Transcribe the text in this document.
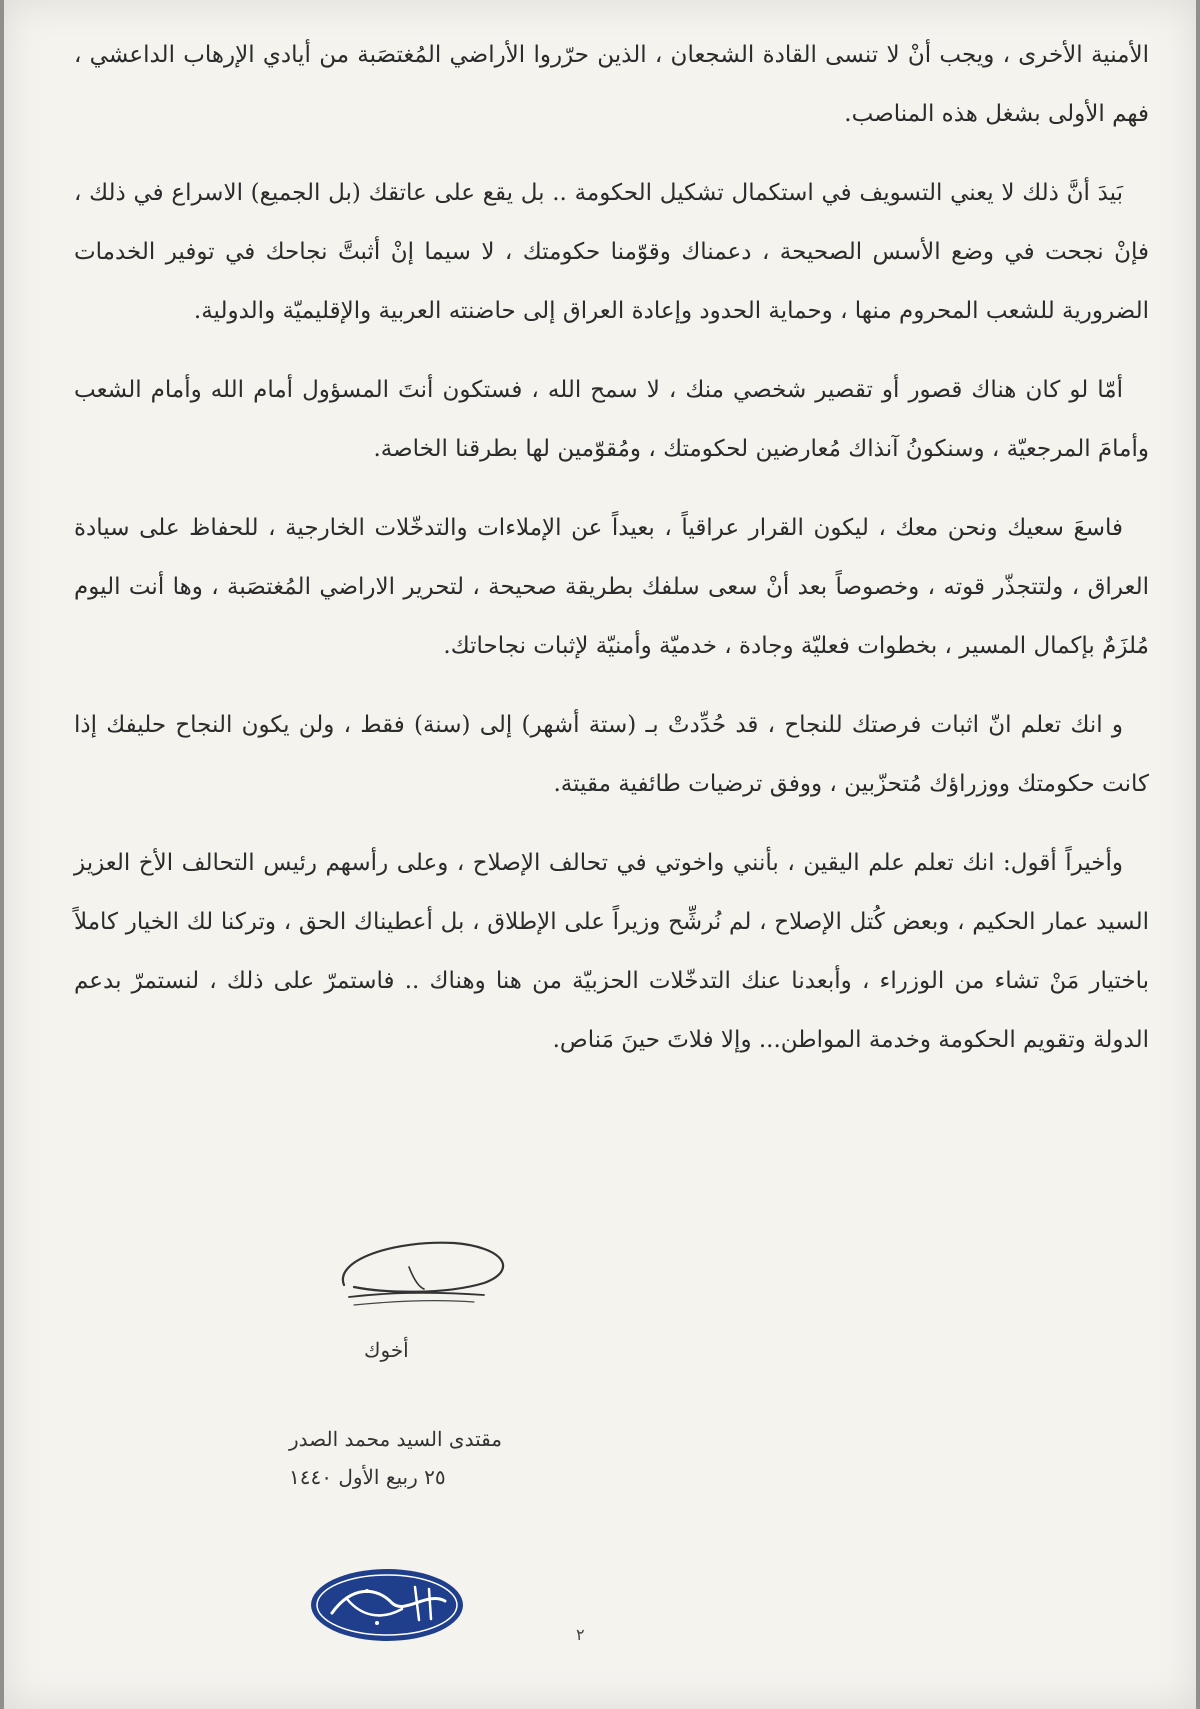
الأمنية الأخرى ، ويجب أنْ لا تنسى القادة الشجعان ، الذين حرّروا الأراضي المُغتصَبة من أيادي الإرهاب الداعشي ، فهم الأولى بشغل هذه المناصب.

بَيدَ أنَّ ذلك لا يعني التسويف في استكمال تشكيل الحكومة .. بل يقع على عاتقك (بل الجميع) الاسراع في ذلك ، فإنْ نجحت في وضع الأسس الصحيحة ، دعمناك وقوّمنا حكومتك ، لا سيما إنْ أثبتَّ نجاحك في توفير الخدمات الضرورية للشعب المحروم منها ، وحماية الحدود وإعادة العراق إلى حاضنته العربية والإقليميّة والدولية.

أمّا لو كان هناك قصور أو تقصير شخصي منك ، لا سمح الله ، فستكون أنتَ المسؤول أمام الله وأمام الشعب وأمامَ المرجعيّة ، وسنكونُ آنذاك مُعارضين لحكومتك ، ومُقوّمين لها بطرقنا الخاصة.

فاسعَ سعيك ونحن معك ، ليكون القرار عراقياً ، بعيداً عن الإملاءات والتدخّلات الخارجية ، للحفاظ على سيادة العراق ، ولتتجذّر قوته ، وخصوصاً بعد أنْ سعى سلفك بطريقة صحيحة ، لتحرير الاراضي المُغتصَبة ، وها أنت اليوم مُلزَمٌ بإكمال المسير ، بخطوات فعليّة وجادة ، خدميّة وأمنيّة لإثبات نجاحاتك.

و انك تعلم انّ اثبات فرصتك للنجاح ، قد حُدِّدتْ بـ (ستة أشهر) إلى (سنة) فقط ، ولن يكون النجاح حليفك إذا كانت حكومتك ووزراؤك مُتحزّبين ، ووفق ترضيات طائفية مقيتة.

وأخيراً أقول: انك تعلم علم اليقين ، بأنني واخوتي في تحالف الإصلاح ، وعلى رأسهم رئيس التحالف الأخ العزيز السيد عمار الحكيم ، وبعض كُتل الإصلاح ، لم نُرشِّح وزيراً على الإطلاق ، بل أعطيناك الحق ، وتركنا لك الخيار كاملاً باختيار مَنْ تشاء من الوزراء ، وأبعدنا عنك التدخّلات الحزبيّة من هنا وهناك .. فاستمرّ على ذلك ، لنستمرّ بدعم الدولة وتقويم الحكومة وخدمة المواطن... وإلا فلاتَ حينَ مَناص.

أخوك
مقتدى السيد محمد الصدر
٢٥ ربيع الأول ١٤٤٠
٢
